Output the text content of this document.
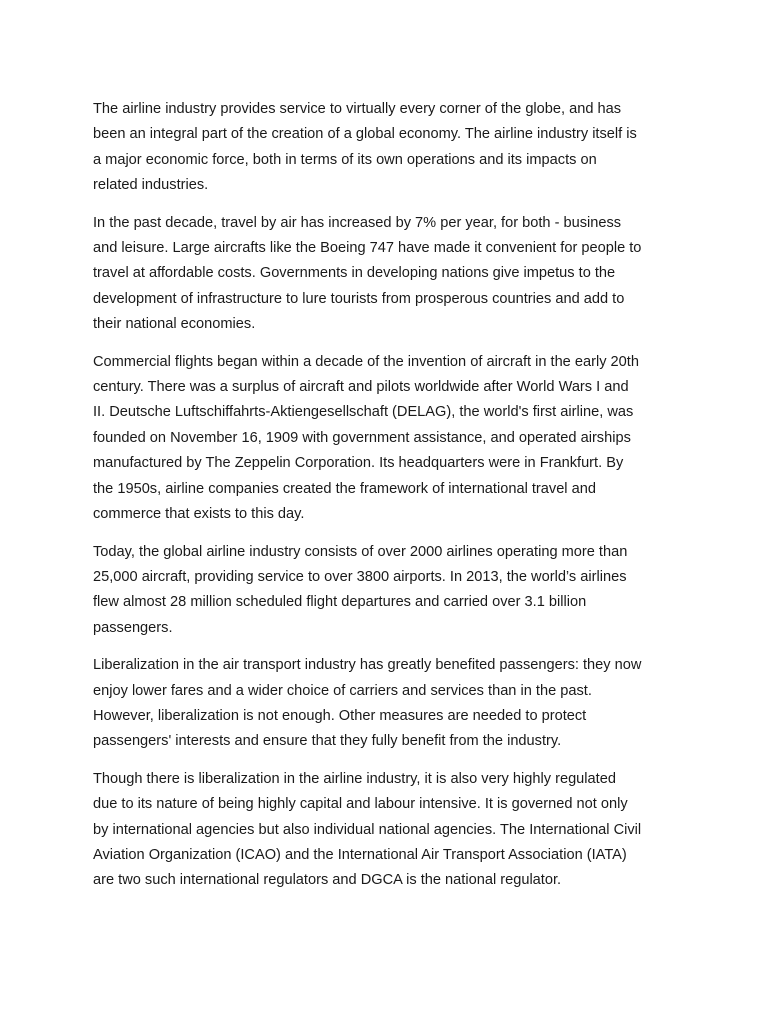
The airline industry provides service to virtually every corner of the globe, and has
been an integral part of the creation of a global economy. The airline industry itself is
a major economic force, both in terms of its own operations and its impacts on
related industries.

In the past decade, travel by air has increased by 7% per year, for both - business
and leisure. Large aircrafts like the Boeing 747 have made it convenient for people to
travel at affordable costs. Governments in developing nations give impetus to the
development of infrastructure to lure tourists from prosperous countries and add to
their national economies.

Commercial flights began within a decade of the invention of aircraft in the early 20th
century. There was a surplus of aircraft and pilots worldwide after World Wars I and
II. Deutsche Luftschiffahrts-Aktiengesellschaft (DELAG), the world's first airline, was
founded on November 16, 1909 with government assistance, and operated airships
manufactured by The Zeppelin Corporation. Its headquarters were in Frankfurt. By
the 1950s, airline companies created the framework of international travel and
commerce that exists to this day.

Today, the global airline industry consists of over 2000 airlines operating more than
25,000 aircraft, providing service to over 3800 airports. In 2013, the world’s airlines
flew almost 28 million scheduled flight departures and carried over 3.1 billion
passengers.

Liberalization in the air transport industry has greatly benefited passengers: they now
enjoy lower fares and a wider choice of carriers and services than in the past.
However, liberalization is not enough. Other measures are needed to protect
passengers' interests and ensure that they fully benefit from the industry.

Though there is liberalization in the airline industry, it is also very highly regulated
due to its nature of being highly capital and labour intensive. It is governed not only
by international agencies but also individual national agencies. The International Civil
Aviation Organization (ICAO) and the International Air Transport Association (IATA)
are two such international regulators and DGCA is the national regulator.
